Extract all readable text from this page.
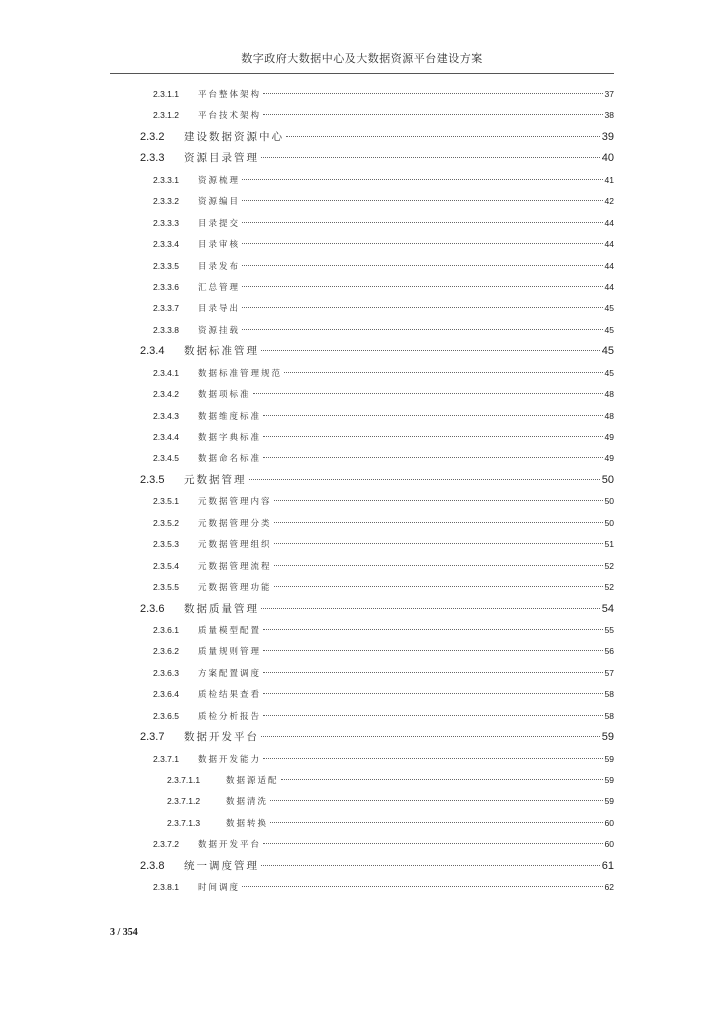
数字政府大数据中心及大数据资源平台建设方案
2.3.1.1	平台整体架构	37
2.3.1.2	平台技术架构	38
2.3.2	建设数据资源中心	39
2.3.3	资源目录管理	40
2.3.3.1	资源梳理	41
2.3.3.2	资源编目	42
2.3.3.3	目录提交	44
2.3.3.4	目录审核	44
2.3.3.5	目录发布	44
2.3.3.6	汇总管理	44
2.3.3.7	目录导出	45
2.3.3.8	资源挂载	45
2.3.4	数据标准管理	45
2.3.4.1	数据标准管理规范	45
2.3.4.2	数据项标准	48
2.3.4.3	数据维度标准	48
2.3.4.4	数据字典标准	49
2.3.4.5	数据命名标准	49
2.3.5	元数据管理	50
2.3.5.1	元数据管理内容	50
2.3.5.2	元数据管理分类	50
2.3.5.3	元数据管理组织	51
2.3.5.4	元数据管理流程	52
2.3.5.5	元数据管理功能	52
2.3.6	数据质量管理	54
2.3.6.1	质量模型配置	55
2.3.6.2	质量规则管理	56
2.3.6.3	方案配置调度	57
2.3.6.4	质检结果查看	58
2.3.6.5	质检分析报告	58
2.3.7	数据开发平台	59
2.3.7.1	数据开发能力	59
2.3.7.1.1	数据源适配	59
2.3.7.1.2	数据清洗	59
2.3.7.1.3	数据转换	60
2.3.7.2	数据开发平台	60
2.3.8	统一调度管理	61
2.3.8.1	时间调度	62
3 / 354
